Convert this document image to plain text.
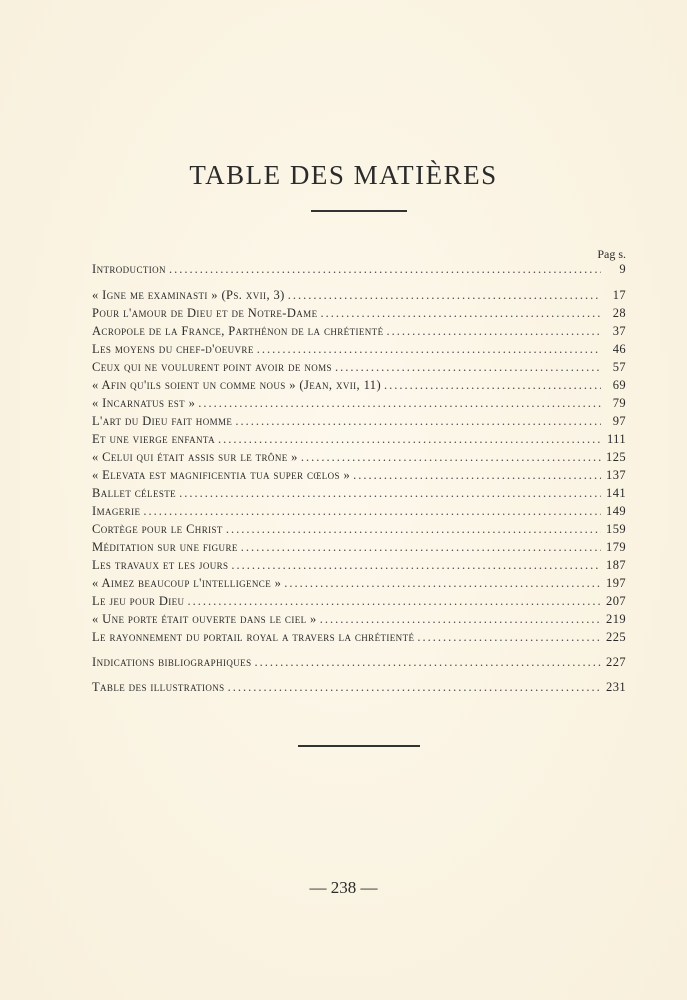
TABLE DES MATIÈRES
Pag s.
Introduction .....	9
« Igne me examinasti » (Ps. xvii, 3) .....	17
Pour l'amour de Dieu et de Notre-Dame .....	28
Acropole de la France, Parthénon de la chrétienté .....	37
Les moyens du chef-d'oeuvre .....	46
Ceux qui ne voulurent point avoir de noms .....	57
« Afin qu'ils soient un comme nous » (Jean, xvii, 11) .....	69
« Incarnatus est » .....	79
L'art du Dieu fait homme .....	97
Et une vierge enfanta .....	111
« Celui qui était assis sur le trône » .....	125
« Elevata est magnificentia tua super cœlos » .....	137
Ballet céleste .....	141
Imagerie .....	149
Cortège pour le Christ .....	159
Méditation sur une figure .....	179
Les travaux et les jours .....	187
« Aimez beaucoup l'intelligence » .....	197
Le jeu pour Dieu .....	207
« Une porte était ouverte dans le ciel » .....	219
Le rayonnement du portail royal a travers la chrétienté .....	225
Indications bibliographiques .....	227
Table des illustrations .....	231
— 238 —
